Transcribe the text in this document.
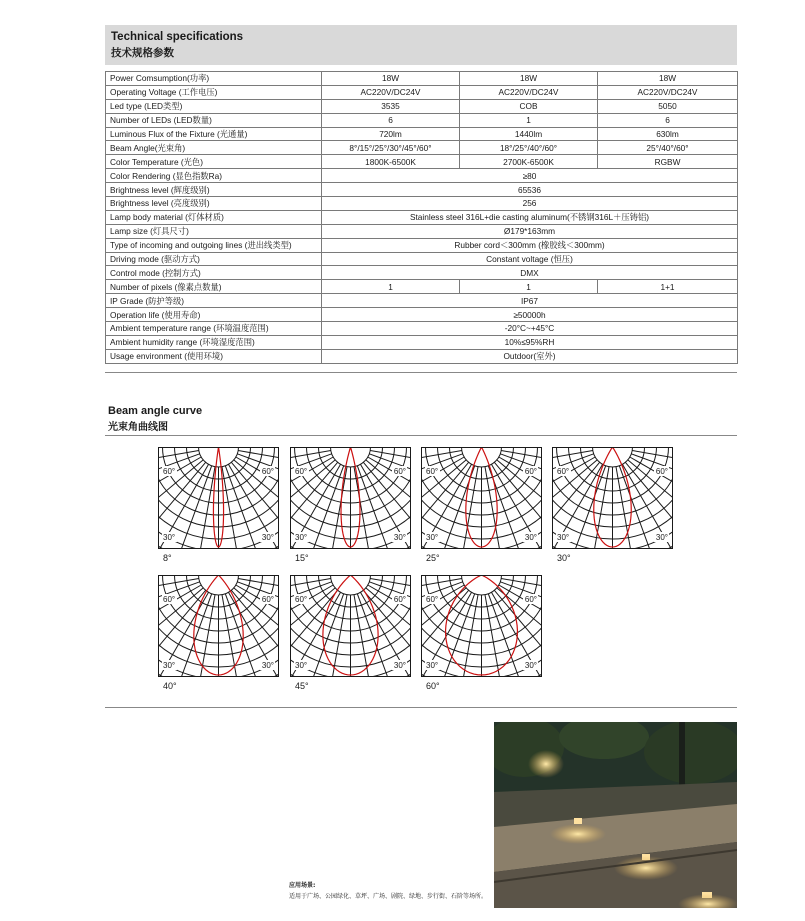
Technical specifications
技术规格参数
Power Comsumption(功率)	18W	18W	18W
Operating Voltage (工作电压)	AC220V/DC24V	AC220V/DC24V	AC220V/DC24V
Led type (LED类型)	3535	COB	5050
Number of LEDs (LED数量)	6	1	6
Luminous Flux of the Fixture (光通量)	720lm	1440lm	630lm
Beam Angle(光束角)	8°/15°/25°/30°/45°/60°	18°/25°/40°/60°	25°/40°/60°
Color Temperature (光色)	1800K-6500K	2700K-6500K	RGBW
Color Rendering (显色指数Ra)	≥80		
Brightness level (辉度级别)	65536		
Brightness level (亮度级别)	256		
Lamp body material (灯体材质)	Stainless steel 316L+die casting aluminum(不锈钢316L＋压铸铝)		
Lamp size (灯具尺寸)	Ø179*163mm		
Type of incoming and outgoing lines (进出线类型)	Rubber cord＜300mm (橡胶线＜300mm)		
Driving mode (驱动方式)	Constant voltage (恒压)		
Control mode (控制方式)	DMX		
Number of pixels (像素点数量)	1	1	1+1
IP Grade (防护等级)	IP67		
Operation life (使用寿命)	≥50000h		
Ambient temperature range (环境温度范围)	-20°C~+45°C		
Ambient humidity range (环境湿度范围)	10%≤95%RH		
Usage environment (使用环境)	Outdoor(室外)		
Beam angle curve
光束角曲线图
60°	60°
30°	30°
8°
60°	60°
30°	30°
15°
60°	60°
30°	30°
25°
60°	60°
30°	30°
30°
60°	60°
30°	30°
40°
60°	60°
30°	30°
45°
60°	60°
30°	30°
60°
应用场景:
适用于广场、公园绿化、草坪、广场、剧院、绿地、步行街、石阶等场所。
